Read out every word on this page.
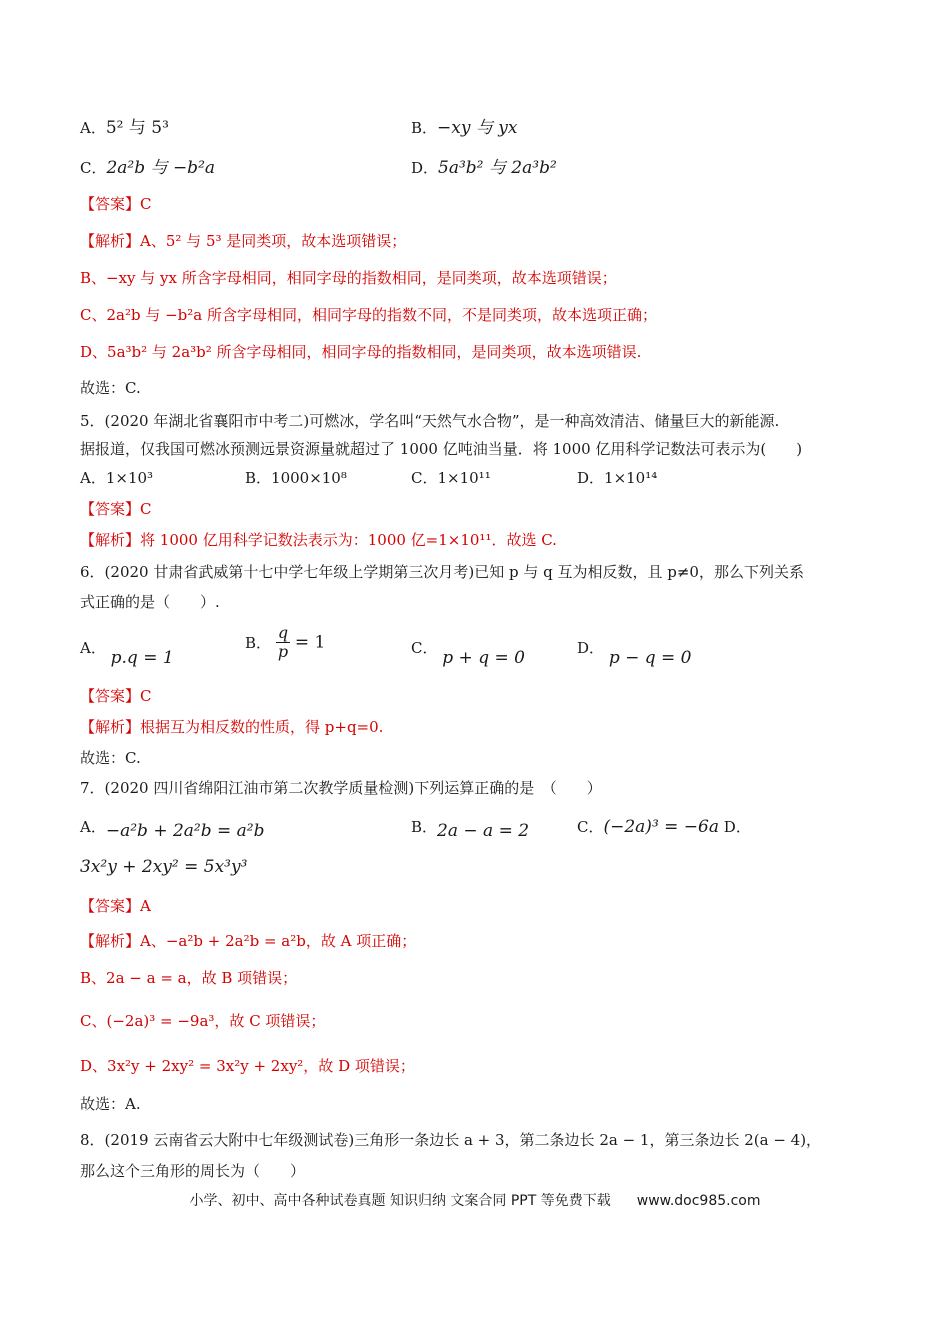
A．5² 与 5³	B．−xy 与 yx
C．2a²b 与 −b²a	D．5a³b² 与 2a³b²
【答案】C
【解析】A、5² 与 5³ 是同类项，故本选项错误；
B、−xy 与 yx 所含字母相同，相同字母的指数相同，是同类项，故本选项错误；
C、2a²b 与 −b²a 所含字母相同，相同字母的指数不同，不是同类项，故本选项正确；
D、5a³b² 与 2a³b² 所含字母相同，相同字母的指数相同，是同类项，故本选项错误.
故选：C.
5．(2020 年湖北省襄阳市中考二)可燃冰，学名叫“天然气水合物”，是一种高效清洁、储量巨大的新能源.
据报道，仅我国可燃冰预测远景资源量就超过了 1000 亿吨油当量．将 1000 亿用科学记数法可表示为(　　)
A．1×10³	B．1000×10⁸	C．1×10¹¹	D．1×10¹⁴
【答案】C
【解析】将 1000 亿用科学记数法表示为：1000 亿=1×10¹¹．故选 C.
6．(2020 甘肃省武威第十七中学七年级上学期第三次月考)已知 p 与 q 互为相反数，且 p≠0，那么下列关系
式正确的是（　　）.
A． p.q = 1
B． $\frac{q}{p} = 1$	C． p + q = 0	D． p − q = 0
【答案】C
【解析】根据互为相反数的性质，得 p+q=0.
故选：C.
7．(2020 四川省绵阳江油市第二次教学质量检测)下列运算正确的是　（　　）
A．−a²b + 2a²b = a²b	B．2a − a = 2	C．(−2a)³ = −6a D．
3x²y + 2xy² = 5x³y³
【答案】A
【解析】A、−a²b + 2a²b = a²b，故 A 项正确；
B、2a − a = a，故 B 项错误；
C、(−2a)³ = −9a³，故 C 项错误；
D、3x²y + 2xy² = 3x²y + 2xy²，故 D 项错误；
故选：A.
8．(2019 云南省云大附中七年级测试卷)三角形一条边长 a + 3，第二条边长 2a − 1，第三条边长 2(a − 4)，
那么这个三角形的周长为（　　）
小学、初中、高中各种试卷真题 知识归纳 文案合同 PPT 等免费下载 www.doc985.com
